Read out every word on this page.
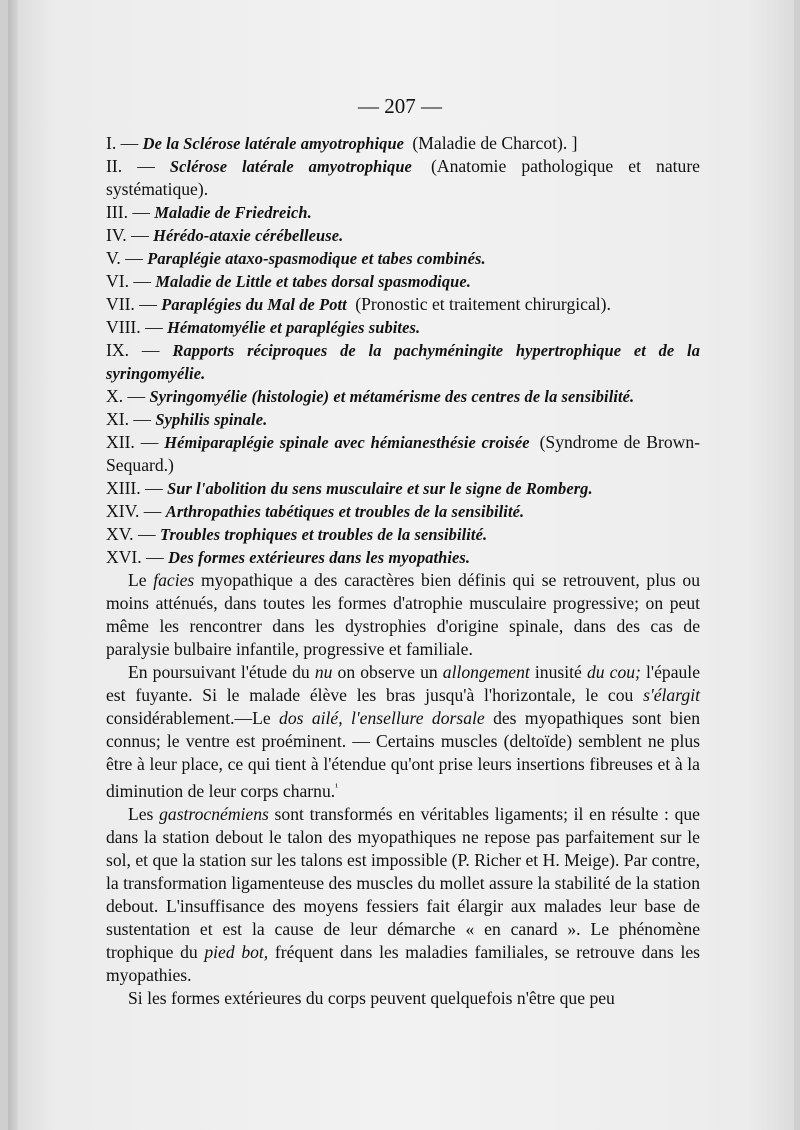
— 207 —
I. — De la Sclérose latérale amyotrophique (Maladie de Charcot). ]
II. — Sclérose latérale amyotrophique (Anatomie pathologique et nature systématique).
III. — Maladie de Friedreich.
IV. — Hérédo-ataxie cérébelleuse.
V. — Paraplégie ataxo-spasmodique et tabes combinés.
VI. — Maladie de Little et tabes dorsal spasmodique.
VII. — Paraplégies du Mal de Pott (Pronostic et traitement chirurgical).
VIII. — Hématomyélie et paraplégies subites.
IX. — Rapports réciproques de la pachyméningite hypertrophique et de la syringomyélie.
X. — Syringomyélie (histologie) et métamérisme des centres de la sensibilité.
XI. — Syphilis spinale.
XII. — Hémiparaplégie spinale avec hémianesthésie croisée (Syndrome de Brown-Sequard.)
XIII. — Sur l'abolition du sens musculaire et sur le signe de Romberg.
XIV. — Arthropathies tabétiques et troubles de la sensibilité.
XV. — Troubles trophiques et troubles de la sensibilité.
XVI. — Des formes extérieures dans les myopathies.

Le facies myopathique a des caractères bien définis qui se retrouvent, plus ou moins atténués, dans toutes les formes d'atrophie musculaire progressive; on peut même les rencontrer dans les dystrophies d'origine spinale, dans des cas de paralysie bulbaire infantile, progressive et familiale.

En poursuivant l'étude du nu on observe un allongement inusité du cou; l'épaule est fuyante. Si le malade élève les bras jusqu'à l'horizontale, le cou s'élargit considérablement.—Le dos ailé, l'ensellure dorsale des myopathiques sont bien connus; le ventre est proéminent. — Certains muscles (deltoïde) semblent ne plus être à leur place, ce qui tient à l'étendue qu'ont prise leurs insertions fibreuses et à la diminution de leur corps charnu.$^{^1}$

Les gastrocnémiens sont transformés en véritables ligaments; il en résulte : que dans la station debout le talon des myopathiques ne repose pas parfaitement sur le sol, et que la station sur les talons est impossible (P. Richer et H. Meige). Par contre, la transformation ligamenteuse des muscles du mollet assure la stabilité de la station debout. L'insuffisance des moyens fessiers fait élargir aux malades leur base de sustentation et est la cause de leur démarche « en canard ». Le phénomène trophique du pied bot, fréquent dans les maladies familiales, se retrouve dans les myopathies.

Si les formes extérieures du corps peuvent quelquefois n'être que peu
